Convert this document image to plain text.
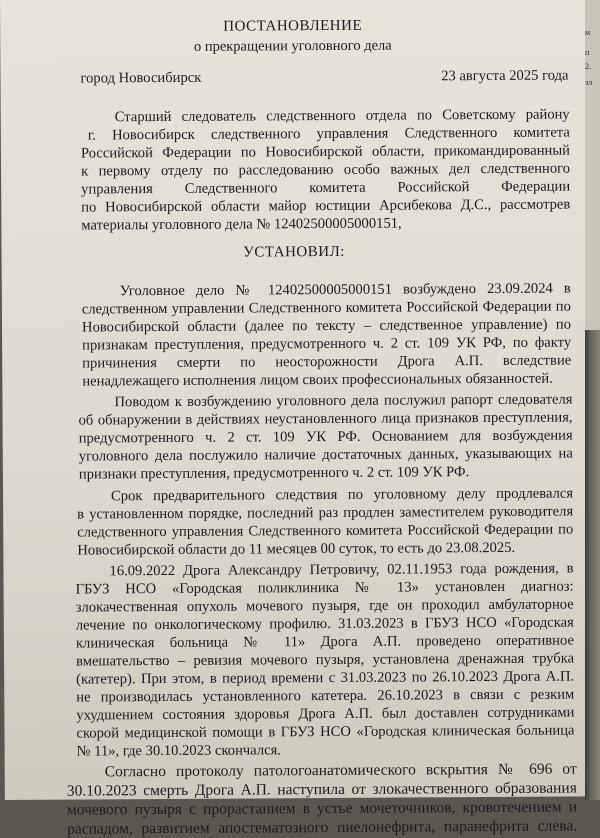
ПОСТАНОВЛЕНИЕ
о прекращении уголовного дела
город Новосибирск	23 августа 2025 года
Старший следователь следственного отдела по Советскому району
г. Новосибирск следственного управления Следственного комитета
Российской Федерации по Новосибирской области, прикомандированный
к первому отделу по расследованию особо важных дел следственного
управления Следственного комитета Российской Федерации
по Новосибирской области майор юстиции Арсибекова Д.С., рассмотрев
материалы уголовного дела № 12402500005000151,
УСТАНОВИЛ:
Уголовное дело № 12402500005000151 возбуждено 23.09.2024 в
следственном управлении Следственного комитета Российской Федерации по
Новосибирской области (далее по тексту – следственное управление) по
признакам преступления, предусмотренного ч. 2 ст. 109 УК РФ, по факту
причинения смерти по неосторожности Дрога А.П. вследствие
ненадлежащего исполнения лицом своих профессиональных обязанностей.
Поводом к возбуждению уголовного дела послужил рапорт следователя
об обнаружении в действиях неустановленного лица признаков преступления,
предусмотренного ч. 2 ст. 109 УК РФ. Основанием для возбуждения
уголовного дела послужило наличие достаточных данных, указывающих на
признаки преступления, предусмотренного ч. 2 ст. 109 УК РФ.
Срок предварительного следствия по уголовному делу продлевался
в установленном порядке, последний раз продлен заместителем руководителя
следственного управления Следственного комитета Российской Федерации по
Новосибирской области до 11 месяцев 00 суток, то есть до 23.08.2025.
16.09.2022 Дрога Александру Петровичу, 02.11.1953 года рождения, в
ГБУЗ НСО «Городская поликлиника № 13» установлен диагноз:
злокачественная опухоль мочевого пузыря, где он проходил амбулаторное
лечение по онкологическому профилю. 31.03.2023 в ГБУЗ НСО «Городская
клиническая больница № 11» Дрога А.П. проведено оперативное
вмешательство – ревизия мочевого пузыря, установлена дренажная трубка
(катетер). При этом, в период времени с 31.03.2023 по 26.10.2023 Дрога А.П.
не производилась установленного катетера. 26.10.2023 в связи с резким
ухудшением состояния здоровья Дрога А.П. был доставлен сотрудниками
скорой медицинской помощи в ГБУЗ НСО «Городская клиническая больница
№ 11», где 30.10.2023 скончался.
Согласно протоколу патологоанатомического вскрытия № 696 от
30.10.2023 смерть Дрога А.П. наступила от злокачественного образования
мочевого пузыря с прорастанием в устье мочеточников, кровотечением и
распадом, развитием апостематозного пиелонефрита, паранефрита слева.
м
п
2.
эл
